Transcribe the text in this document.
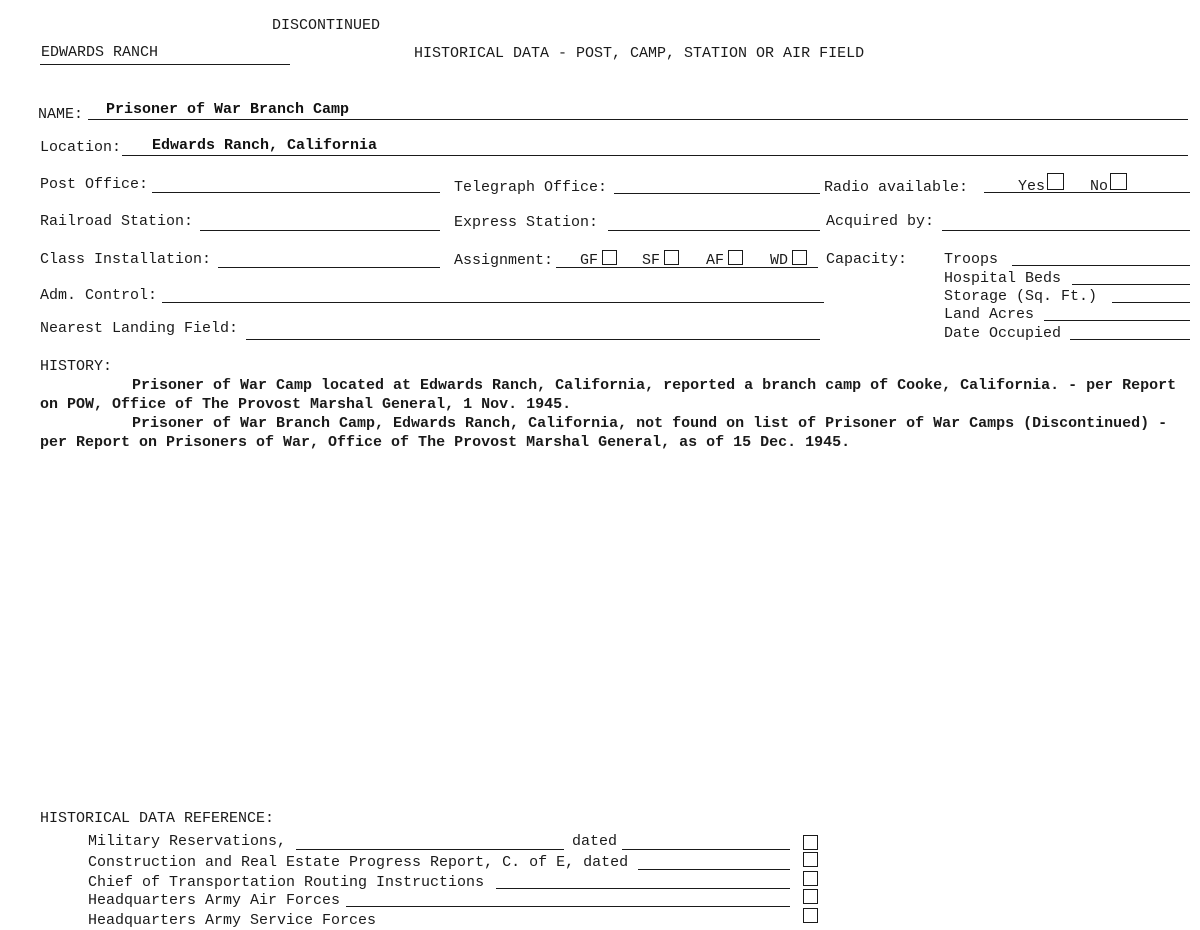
DISCONTINUED
EDWARDS RANCH	HISTORICAL DATA - POST, CAMP, STATION OR AIR FIELD
NAME: Prisoner of War Branch Camp
Location: Edwards Ranch, California
Post Office:	Telegraph Office:	Radio available:	Yes	No
Railroad Station:	Express Station:	Acquired by:
Class Installation:	Assignment: GF	SF	AF	WD	Capacity: Troops
Hospital Beds
Storage (Sq. Ft.)
Land Acres
Date Occupied
Adm. Control:
Nearest Landing Field:
HISTORY:
Prisoner of War Camp located at Edwards Ranch, California, reported a branch camp of Cooke, California. - per Report
on POW, Office of The Provost Marshal General, 1 Nov. 1945.
Prisoner of War Branch Camp, Edwards Ranch, California, not found on list of Prisoner of War Camps (Discontinued) -
per Report on Prisoners of War, Office of The Provost Marshal General, as of 15 Dec. 1945.
HISTORICAL DATA REFERENCE:
Military Reservations,	dated
Construction and Real Estate Progress Report, C. of E, dated
Chief of Transportation Routing Instructions
Headquarters Army Air Forces
Headquarters Army Service Forces
